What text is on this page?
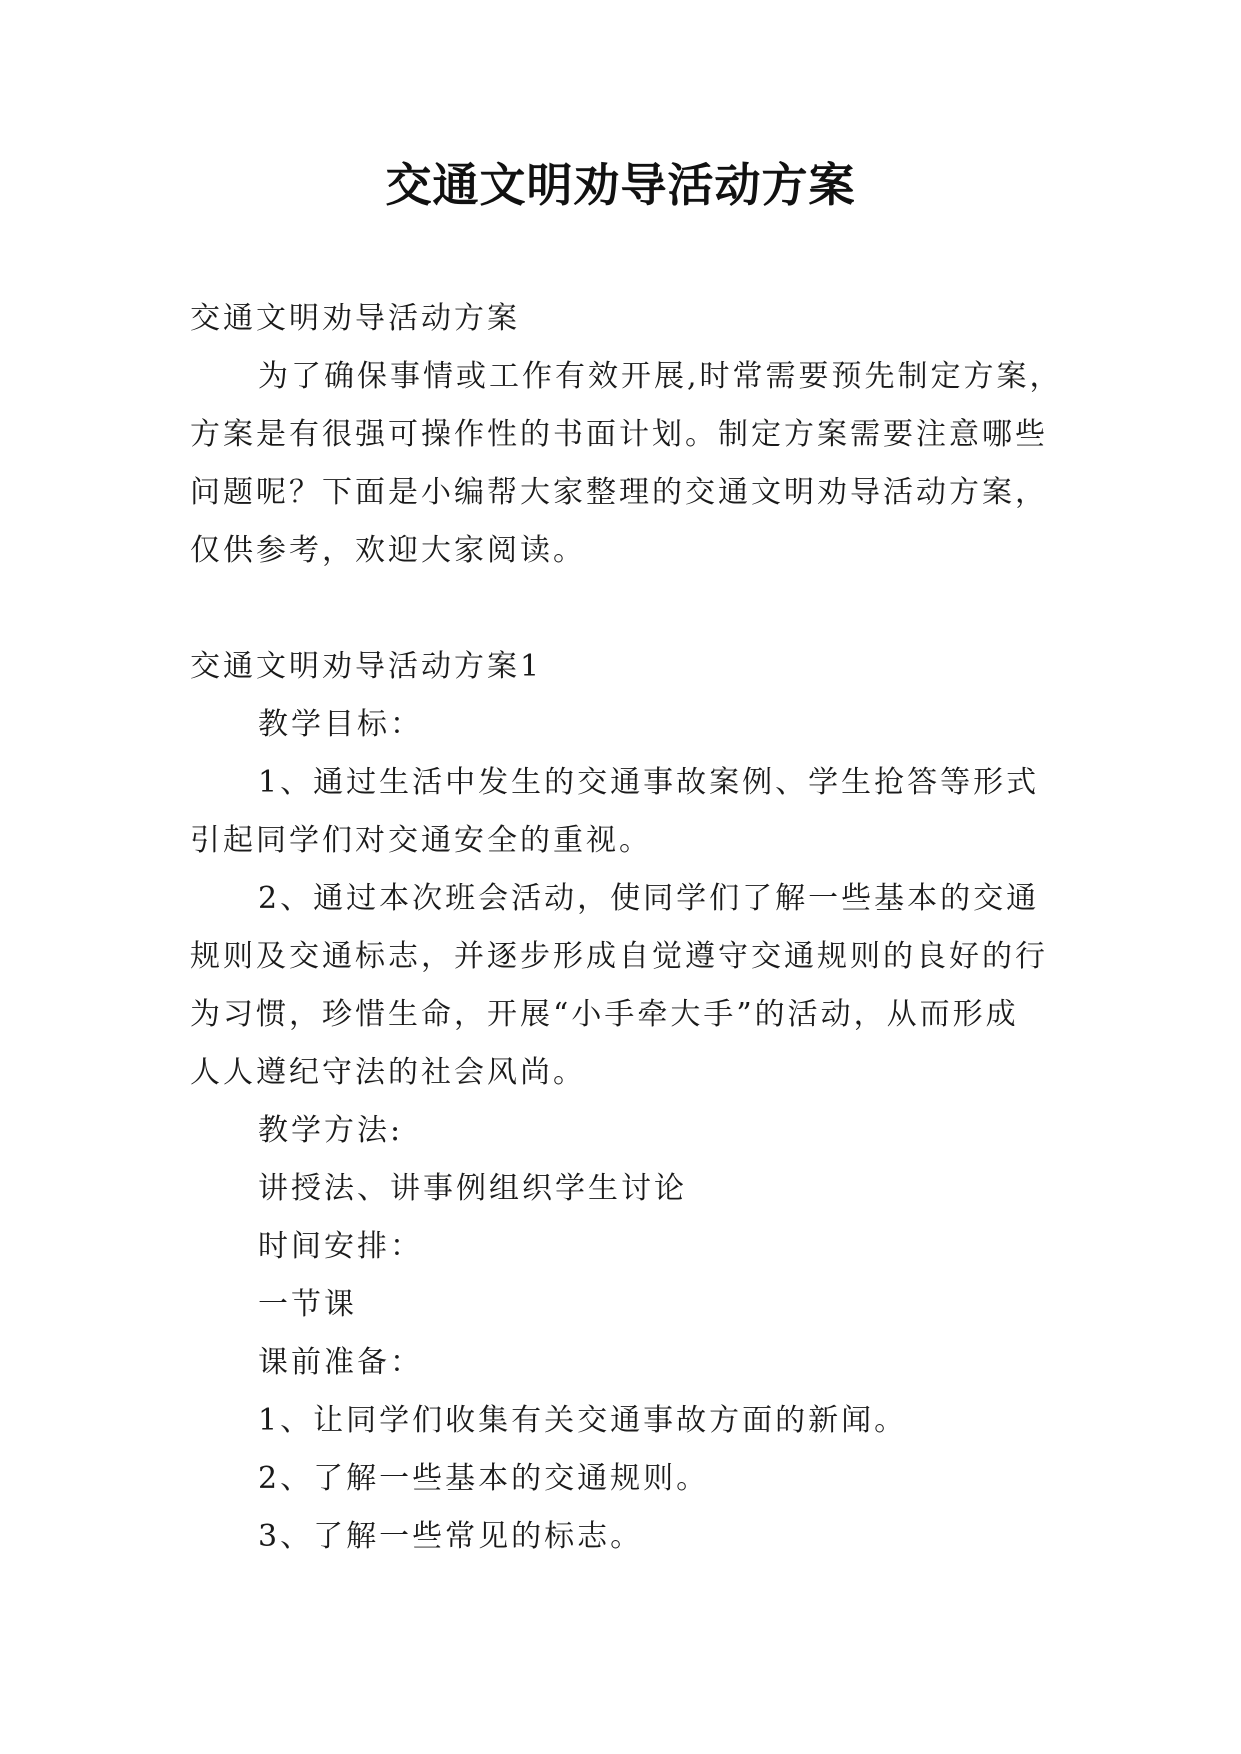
交通文明劝导活动方案

交通文明劝导活动方案

为了确保事情或工作有效开展,时常需要预先制定方案，

方案是有很强可操作性的书面计划。制定方案需要注意哪些

问题呢？下面是小编帮大家整理的交通文明劝导活动方案，

仅供参考，欢迎大家阅读。

交通文明劝导活动方案1

教学目标：

1、通过生活中发生的交通事故案例、学生抢答等形式

引起同学们对交通安全的重视。

2、通过本次班会活动，使同学们了解一些基本的交通

规则及交通标志，并逐步形成自觉遵守交通规则的良好的行

为习惯，珍惜生命，开展“小手牵大手”的活动，从而形成

人人遵纪守法的社会风尚。

教学方法:

讲授法、讲事例组织学生讨论

时间安排：

一节课

课前准备：

1、让同学们收集有关交通事故方面的新闻。

2、了解一些基本的交通规则。

3、了解一些常见的标志。
